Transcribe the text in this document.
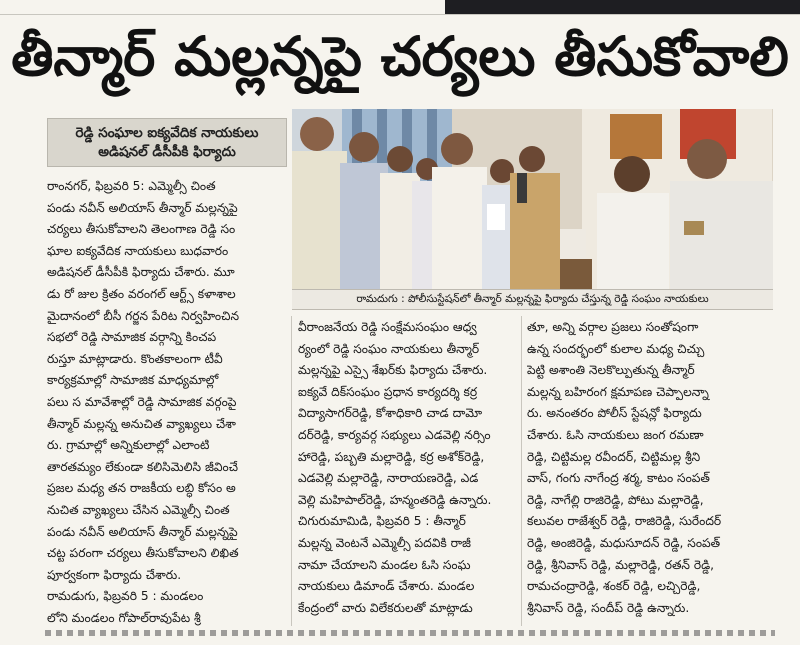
తీన్మార్ మల్లన్నపై చర్యలు తీసుకోవాలి
రెడ్డి సంఘాల ఐక్యవేదిక నాయకులు
అడిషనల్ డీసీపీకి ఫిర్యాదు
రామదుగు : పోలీసుస్టేషన్‌లో తీన్మార్ మల్లన్నపై ఫిర్యాదు చేస్తున్న రెడ్డి సంఘం నాయకులు
రాంనగర్, ఫిబ్రవరి 5: ఎమ్మెల్సీ చింత
పండు నవీన్ అలియాస్ తీన్మార్ మల్లన్నపై
చర్యలు తీసుకోవాలని తెలంగాణ రెడ్డి సం
ఘాల ఐక్యవేదిక నాయకులు బుధవారం
అడిషనల్ డీసీపీకి ఫిర్యాదు చేశారు. మూ
డు రో జుల క్రితం వరంగల్ ఆర్ట్స్ కళాశాల
మైదానంలో బీసీ గర్జన పేరిట నిర్వహించిన
సభలో రెడ్డి సామాజిక వర్గాన్ని కించప
రుస్తూ మాట్లాడారు. కొంతకాలంగా టీవీ
కార్యక్రమాల్లో సామాజిక మాధ్యమాల్లో
పలు స మావేశాల్లో రెడ్డి సామాజిక వర్గంపై
తీన్మార్ మల్లన్న అనుచిత వ్యాఖ్యలు చేశా
రు. గ్రామాల్లో అన్నికులాల్లో ఎలాంటి
తారతమ్యం లేకుండా కలిసిమెలిసి జీవించే
ప్రజల మధ్య తన రాజకీయ లబ్ధి కోసం అ
నుచిత వ్యాఖ్యలు చేసిన ఎమ్మెల్సీ చింత
పండు నవీన్ అలియాస్ తీన్మార్ మల్లన్నపై
చట్ట పరంగా చర్యలు తీసుకోవాలని లిఖిత
పూర్వకంగా ఫిర్యాదు చేశారు.
రామడుగు, ఫిబ్రవరి 5 : మండలం
లోని మండలం గోపాల్‌రావుపేట శ్రీ
వీరాంజనేయ రెడ్డి సంక్షేమసంఘం ఆధ్వ
ర్యంలో రెడ్డి సంఘం నాయకులు తీన్మార్
మల్లన్నపై ఎస్సై శేఖర్‌కు ఫిర్యాదు చేశారు.
ఐక్యవే దిక్‌సంఘం ప్రధాన కార్యదర్శి కర్ర
విద్యాసాగర్‌రెడ్డి, కోశాధికారి చాడ దామో
దర్‌రెడ్డి, కార్యవర్గ సభ్యులు ఎడవెల్లి నర్సిం
హారెడ్డి, పబ్బతి మల్లారెడ్డి, కర్ర అశోక్‌రెడ్డి,
ఎడవెల్లి మల్లారెడ్డి, నారాయణరెడ్డి, ఎడ
వెల్లి మహిపాల్‌రెడ్డి, హన్మంతరెడ్డి ఉన్నారు.
చిగురుమామిడి, ఫిబ్రవరి 5 : తీన్మార్
మల్లన్న వెంటనే ఎమ్మెల్సీ పదవికి రాజీ
నామా చేయాలని మండల ఓసి సంఘ
నాయకులు డిమాండ్ చేశారు. మండల
కేంద్రంలో వారు విలేకరులతో మాట్లాడు
తూ, అన్ని వర్గాల ప్రజలు సంతోషంగా
ఉన్న సందర్భంలో కులాల మధ్య చిచ్చు
పెట్టి అశాంతి నెలకొల్పుతున్న తీన్మార్
మల్లన్న బహిరంగ క్షమాపణ చెప్పాలన్నా
రు. అనంతరం పోలీస్ స్టేషన్లో ఫిర్యాదు
చేశారు. ఓసి నాయకులు జంగ రమణా
రెడ్డి, చిట్టిమల్ల రవీందర్, చిట్టిమల్ల శ్రీని
వాస్, గంగు నాగేంద్ర శర్మ, కాటం సంపత్
రెడ్డి, నాగేల్లి రాజిరెడ్డి, పోటు మల్లారెడ్డి,
కలువల రాజేశ్వర్ రెడ్డి, రాజిరెడ్డి, సురేందర్
రెడ్డి, అంజిరెడ్డి, మధుసూదన్ రెడ్డి, సంపత్
రెడ్డి, శ్రీనివాస్ రెడ్డి, మల్లారెడ్డి, రతన్ రెడ్డి,
రామచంద్రారెడ్డి, శంకర్ రెడ్డి, లచ్చిరెడ్డి,
శ్రీనివాస్ రెడ్డి, సందీప్ రెడ్డి ఉన్నారు.
